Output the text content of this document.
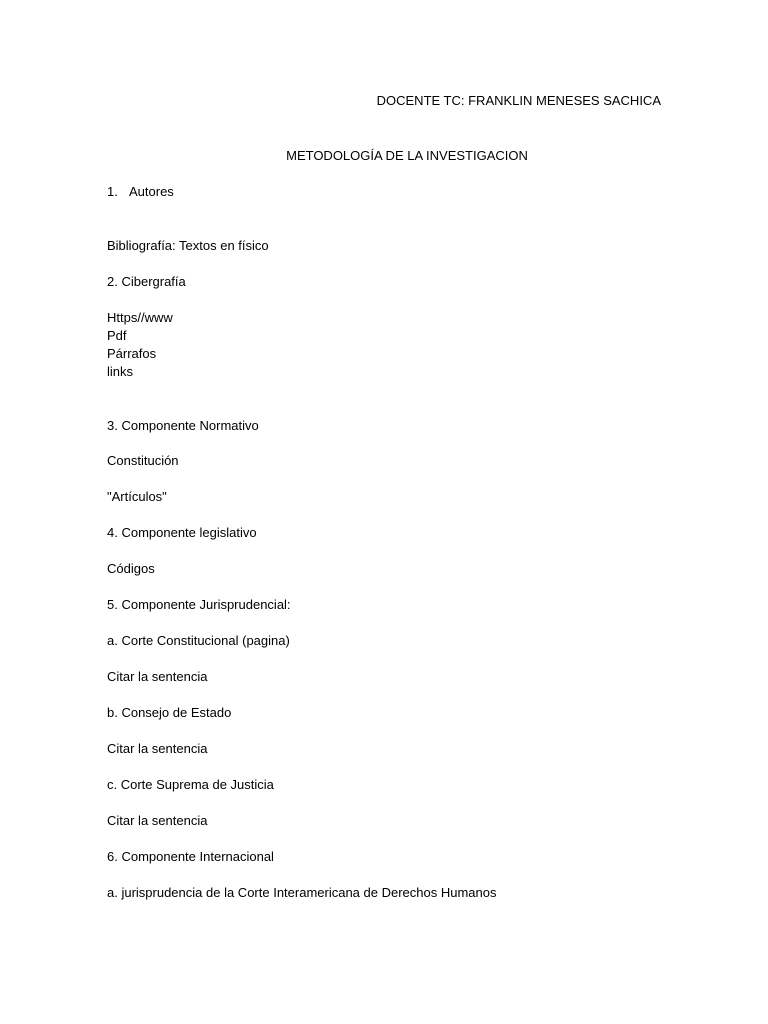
DOCENTE TC: FRANKLIN MENESES SACHICA
METODOLOGÍA DE LA INVESTIGACION
1. Autores
Bibliografía: Textos en físico
2. Cibergrafía
Https//www
Pdf
Párrafos
links
3. Componente Normativo
Constitución
"Artículos"
4. Componente legislativo
Códigos
5. Componente Jurisprudencial:
a. Corte Constitucional (pagina)
Citar la sentencia
b. Consejo de Estado
Citar la sentencia
c. Corte Suprema de Justicia
Citar la sentencia
6. Componente Internacional
a. jurisprudencia de la Corte Interamericana de Derechos Humanos
